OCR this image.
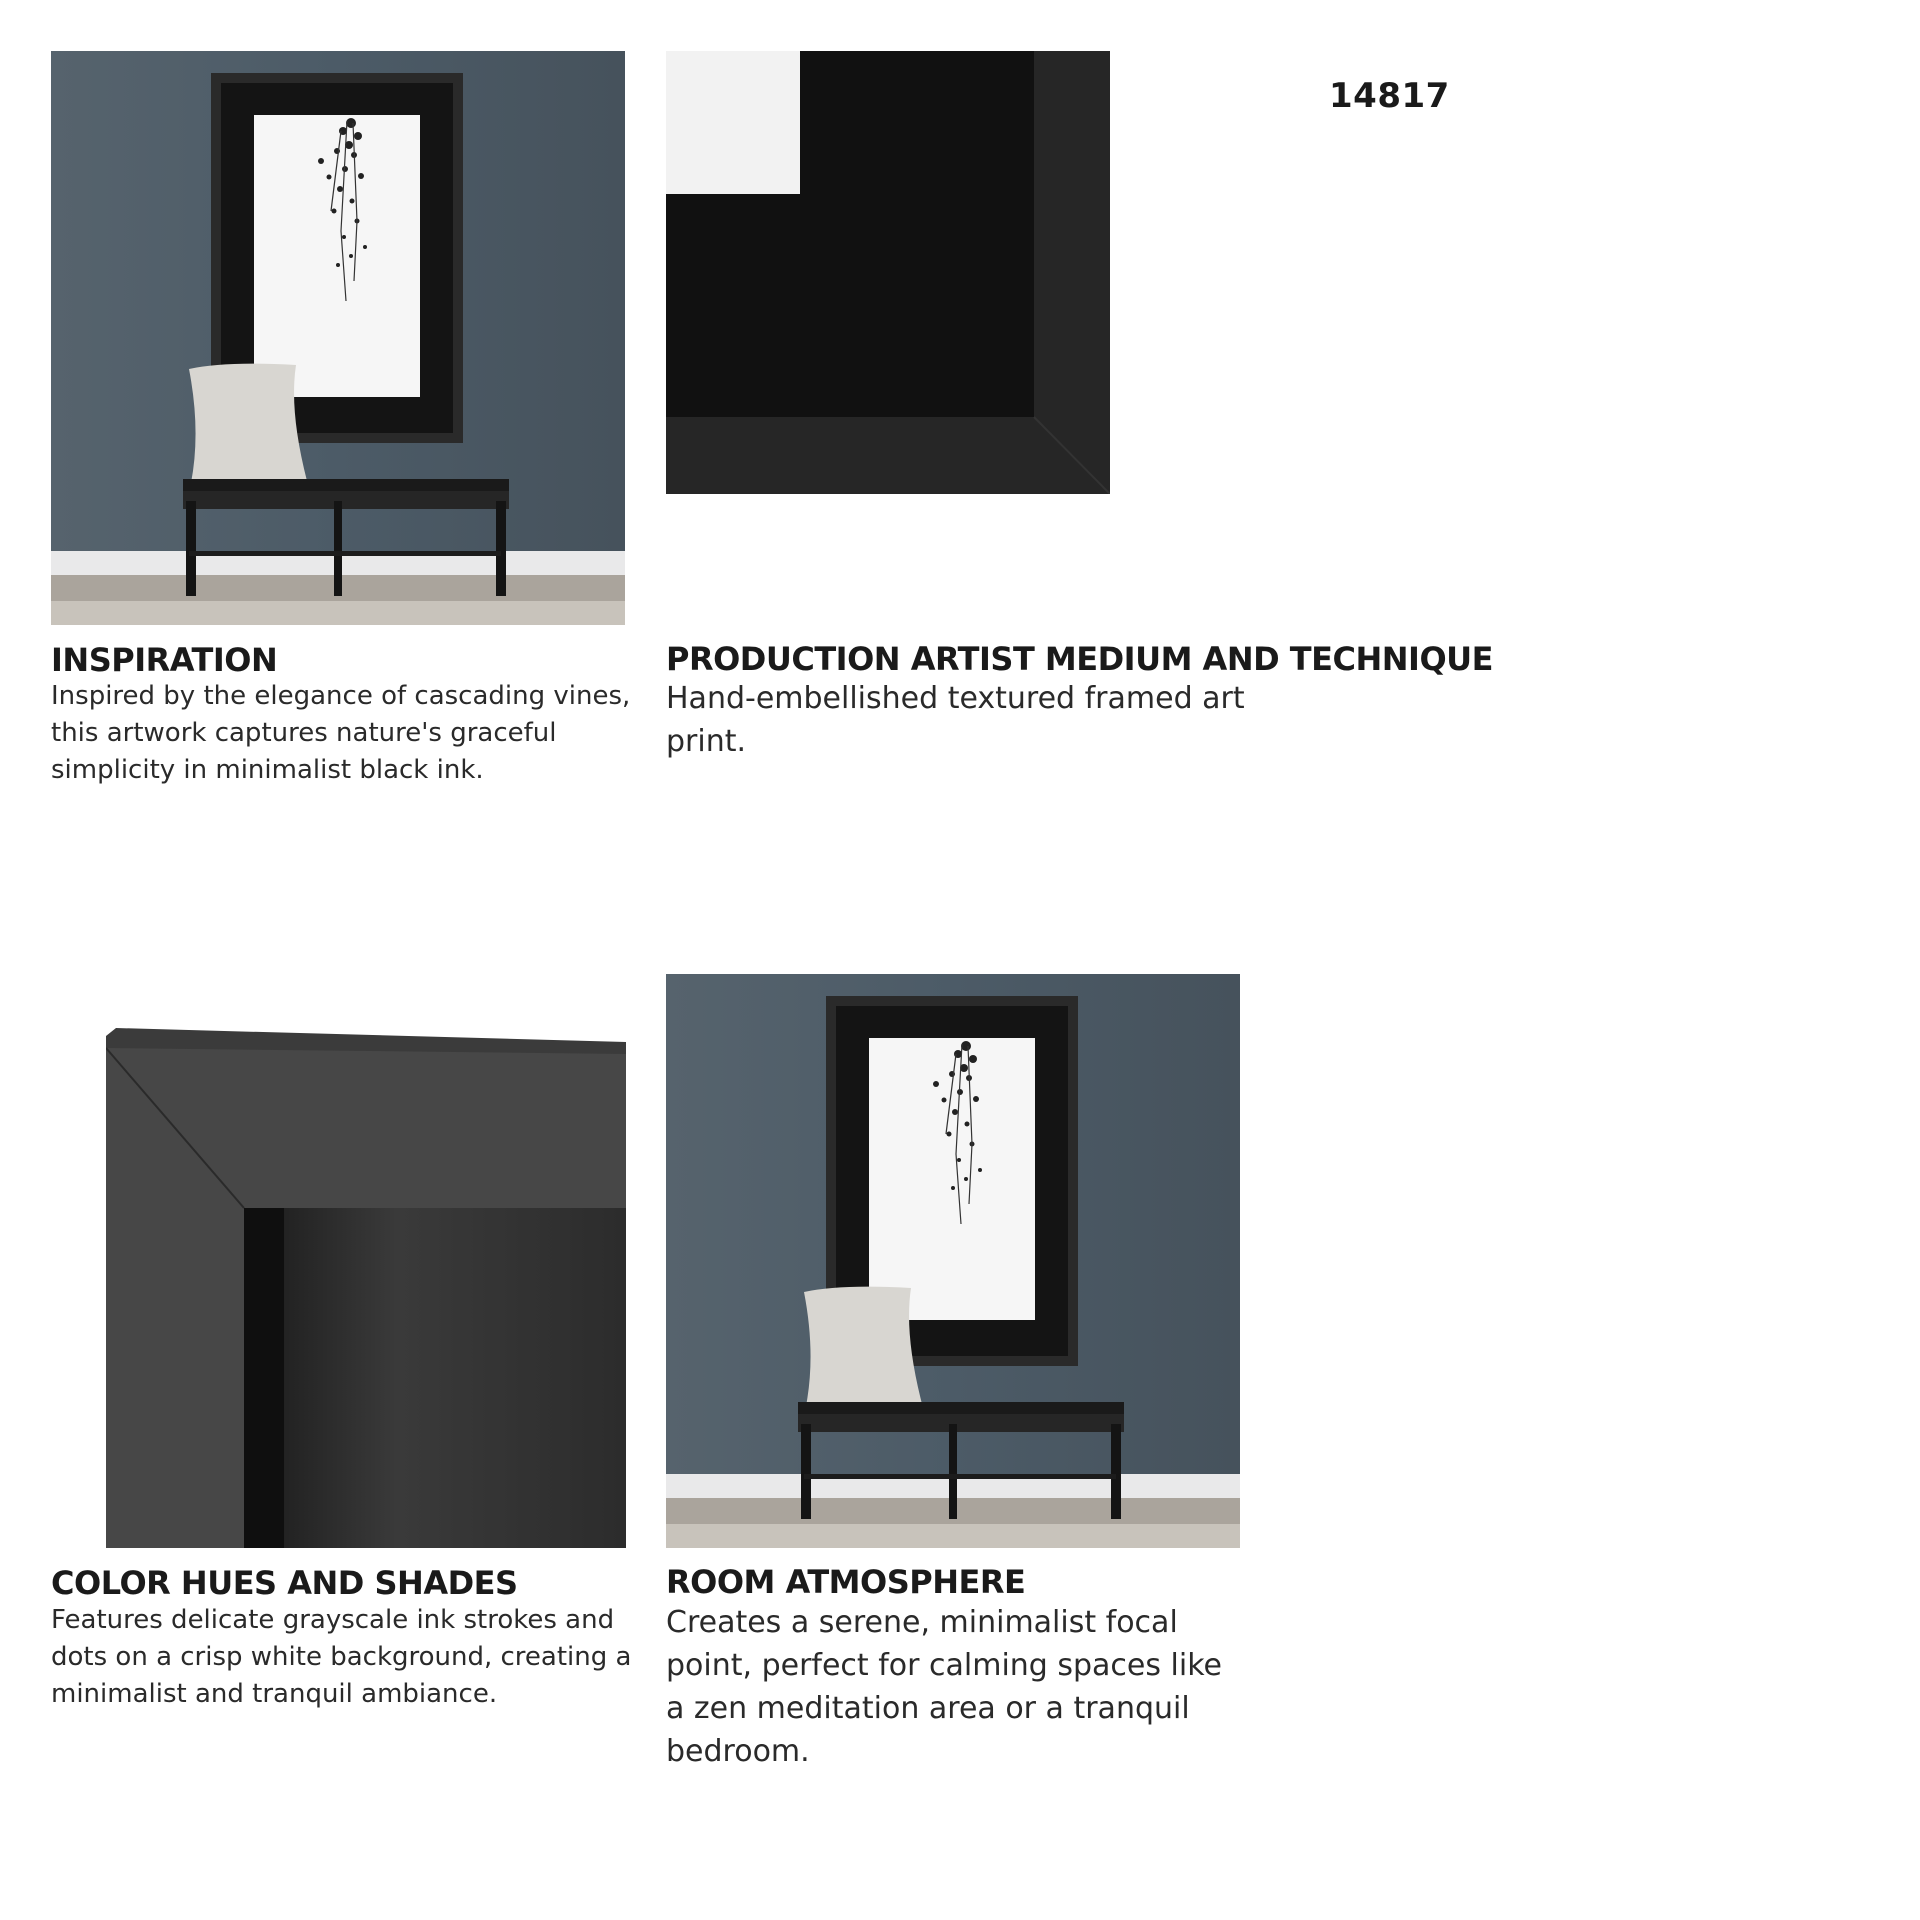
14817
INSPIRATION
Inspired by the elegance of cascading vines, this artwork captures nature's graceful simplicity in minimalist black ink.
PRODUCTION ARTIST MEDIUM AND TECHNIQUE
Hand-embellished textured framed art print.
COLOR HUES AND SHADES
Features delicate grayscale ink strokes and dots on a crisp white background, creating a minimalist and tranquil ambiance.
ROOM ATMOSPHERE
Creates a serene, minimalist focal point, perfect for calming spaces like a zen meditation area or a tranquil bedroom.
